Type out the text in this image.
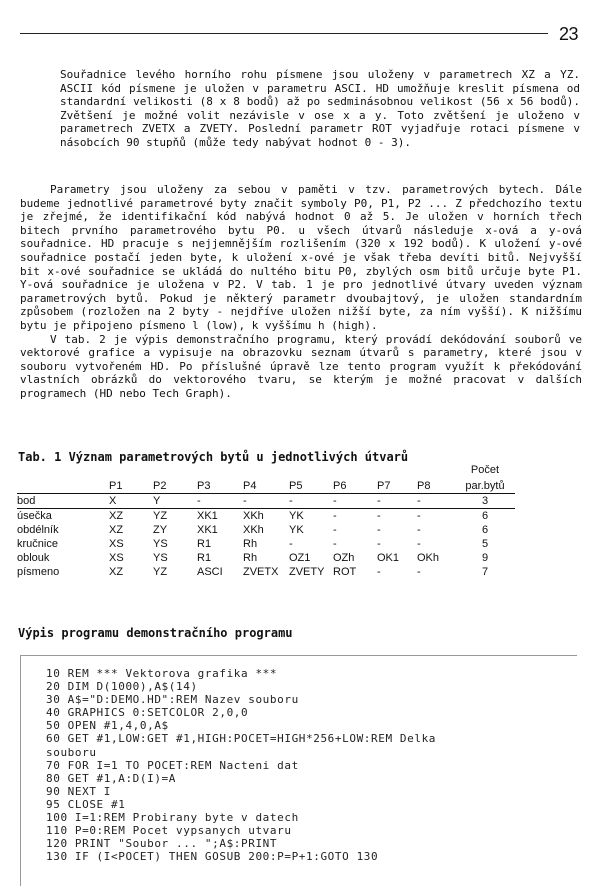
23

Souřadnice levého horního rohu písmene jsou uloženy v parametrech XZ a YZ. ASCII kód písmene je uložen v parametru ASCI. HD umožňuje kreslit písmena od standardní velikosti (8 x 8 bodů) až po sedminásobnou velikost (56 x 56 bodů). Zvětšení je možné volit nezávisle v ose x a y. Toto zvětšení je uloženo v parametrech ZVETX a ZVETY. Poslední parametr ROT vyjadřuje rotaci písmene v násobcích 90 stupňů (může tedy nabývat hodnot 0 - 3).

Parametry jsou uloženy za sebou v paměti v tzv. parametrových bytech. Dále budeme jednotlivé parametrové byty značit symboly P0, P1, P2 ... Z předchozího textu je zřejmé, že identifikační kód nabývá hodnot 0 až 5. Je uložen v horních třech bitech prvního parametrového bytu P0. u všech útvarů následuje x-ová a y-ová souřadnice. HD pracuje s nejjemnějším rozlišením (320 x 192 bodů). K uložení y-ové souřadnice postačí jeden byte, k uložení x-ové je však třeba devíti bitů. Nejvyšší bit x-ové souřadnice se ukládá do nultého bitu P0, zbylých osm bitů určuje byte P1. Y-ová souřadnice je uložena v P2. V tab. 1 je pro jednotlivé útvary uveden význam parametrových bytů. Pokud je některý parametr dvoubajtový, je uložen standardním způsobem (rozložen na 2 byty - nejdříve uložen nižší byte, za ním vyšší). K nižšímu bytu je připojeno písmeno l (low), k vyššímu h (high).

V tab. 2 je výpis demonstračního programu, který provádí dekódování souborů ve vektorové grafice a vypisuje na obrazovku seznam útvarů s parametry, které jsou v souboru vytvořeném HD. Po příslušné úpravě lze tento program využít k překódování vlastních obrázků do vektorového tvaru, se kterým je možné pracovat v dalších programech (HD nebo Tech Graph).

Tab. 1 Význam parametrových bytů u jednotlivých útvarů
									Počet
	P1	P2	P3	P4	P5	P6	P7	P8	par.bytů
bod	X	Y	-	-	-	-	-	-	3
úsečka	XZ	YZ	XK1	XKh	YK	-	-	-	6
obdélník	XZ	ZY	XK1	XKh	YK	-	-	-	6
kručnice	XS	YS	R1	Rh	-	-	-	-	5
oblouk	XS	YS	R1	Rh	OZ1	OZh	OK1	OKh	9
písmeno	XZ	YZ	ASCI	ZVETX	ZVETY	ROT	-	-	7
Výpis programu demonstračního programu
10 REM *** Vektorova grafika ***
20 DIM D(1000),A$(14)
30 A$="D:DEMO.HD":REM Nazev souboru
40 GRAPHICS 0:SETCOLOR 2,0,0
50 OPEN #1,4,0,A$
60 GET #1,LOW:GET #1,HIGH:POCET=HIGH*256+LOW:REM Delka
souboru
70 FOR I=1 TO POCET:REM Nacteni dat
80 GET #1,A:D(I)=A
90 NEXT I
95 CLOSE #1
100 I=1:REM Probirany byte v datech
110 P=0:REM Pocet vypsanych utvaru
120 PRINT "Soubor ... ";A$:PRINT
130 IF (I<POCET) THEN GOSUB 200:P=P+1:GOTO 130
